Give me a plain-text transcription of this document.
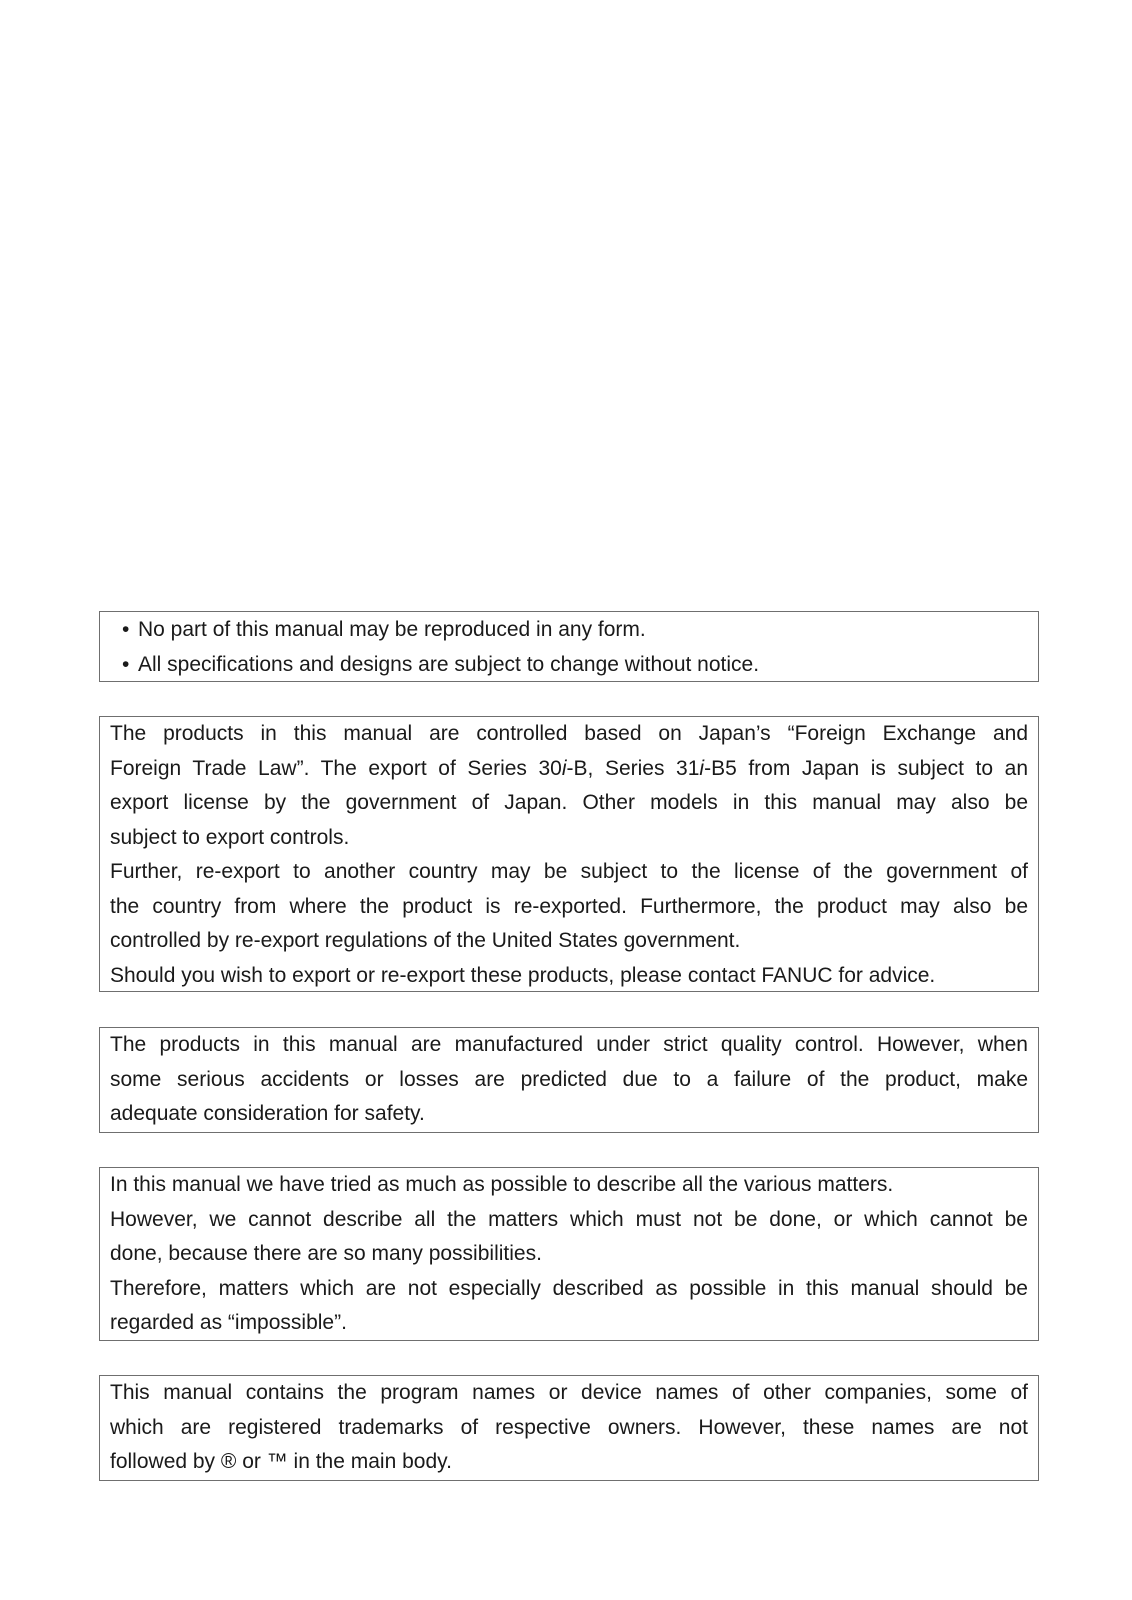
• No part of this manual may be reproduced in any form.
• All specifications and designs are subject to change without notice.
The products in this manual are controlled based on Japan’s “Foreign Exchange and
Foreign Trade Law”. The export of Series 30i-B, Series 31i-B5 from Japan is subject to an
export license by the government of Japan. Other models in this manual may also be
subject to export controls.
Further, re-export to another country may be subject to the license of the government of
the country from where the product is re-exported. Furthermore, the product may also be
controlled by re-export regulations of the United States government.
Should you wish to export or re-export these products, please contact FANUC for advice.
The products in this manual are manufactured under strict quality control. However, when
some serious accidents or losses are predicted due to a failure of the product, make
adequate consideration for safety.
In this manual we have tried as much as possible to describe all the various matters.
However, we cannot describe all the matters which must not be done, or which cannot be
done, because there are so many possibilities.
Therefore, matters which are not especially described as possible in this manual should be
regarded as “impossible”.
This manual contains the program names or device names of other companies, some of
which are registered trademarks of respective owners. However, these names are not
followed by ® or ™ in the main body.
